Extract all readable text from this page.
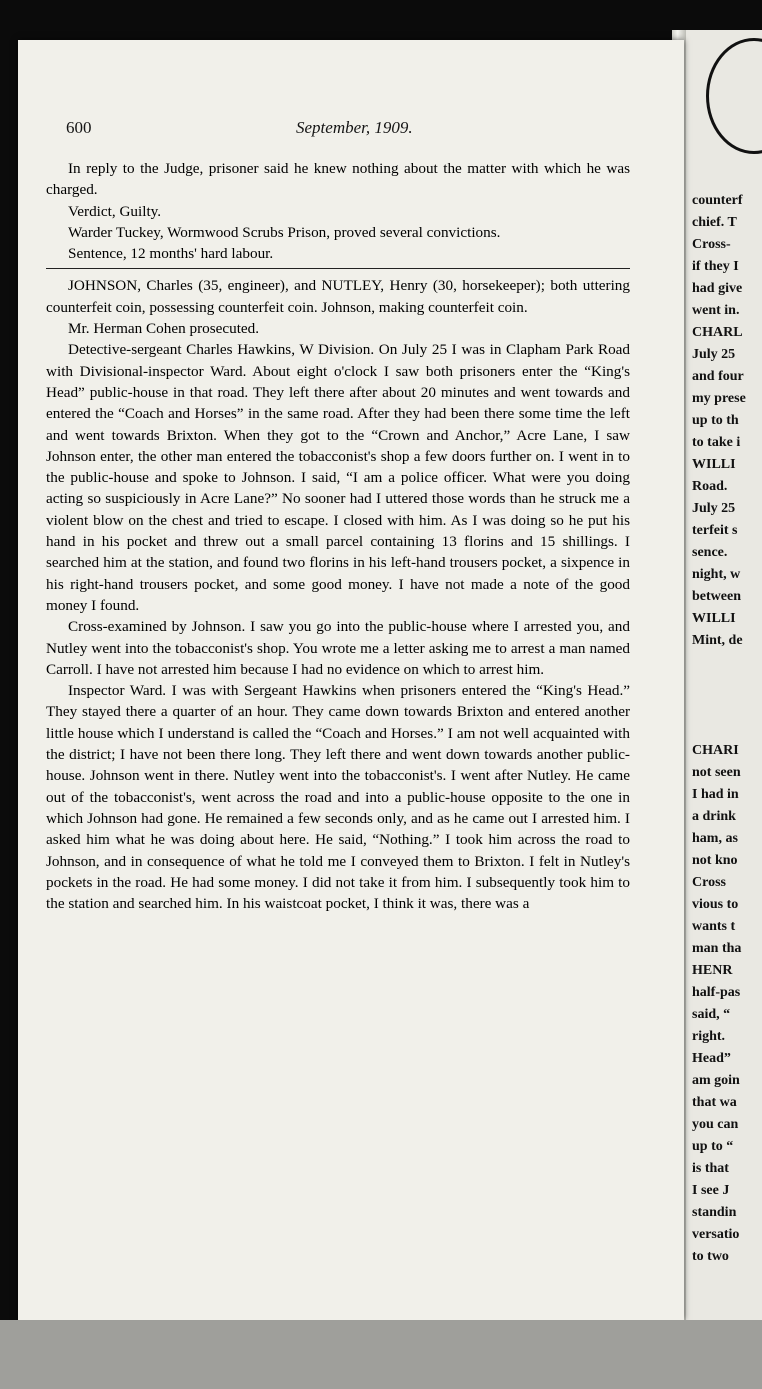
counterf
chief. T
Cross-
if they I
had give
went in.
CHARL
July 25
and four
my prese
up to th
to take i
WILLI
Road.
July 25
terfeit s
sence.
night, w
between
WILLI
Mint, de

CHARI
not seen
I had in
a drink
ham, as
not kno
Cross
vious to
wants t
man tha
HENR
half-pas
said, “
right.
Head”
am goin
that wa
you can
up to “
is that
I see J
standin
versatio
to two
600	September, 1909.

In reply to the Judge, prisoner said he knew nothing about the matter with which he was charged.

Verdict, Guilty.

Warder Tuckey, Wormwood Scrubs Prison, proved several convictions.

Sentence, 12 months' hard labour.

JOHNSON, Charles (35, engineer), and NUTLEY, Henry (30, horsekeeper); both uttering counterfeit coin, possessing counterfeit coin. Johnson, making counterfeit coin.

Mr. Herman Cohen prosecuted.

Detective-sergeant Charles Hawkins, W Division. On July 25 I was in Clapham Park Road with Divisional-inspector Ward. About eight o'clock I saw both prisoners enter the “King's Head” public-house in that road. They left there after about 20 minutes and went towards and entered the “Coach and Horses” in the same road. After they had been there some time the left and went towards Brixton. When they got to the “Crown and Anchor,” Acre Lane, I saw Johnson enter, the other man entered the tobacconist's shop a few doors further on. I went in to the public-house and spoke to Johnson. I said, “I am a police officer. What were you doing acting so suspiciously in Acre Lane?” No sooner had I uttered those words than he struck me a violent blow on the chest and tried to escape. I closed with him. As I was doing so he put his hand in his pocket and threw out a small parcel containing 13 florins and 15 shillings. I searched him at the station, and found two florins in his left-hand trousers pocket, a sixpence in his right-hand trousers pocket, and some good money. I have not made a note of the good money I found.

Cross-examined by Johnson. I saw you go into the public-house where I arrested you, and Nutley went into the tobacconist's shop. You wrote me a letter asking me to arrest a man named Carroll. I have not arrested him because I had no evidence on which to arrest him.

Inspector Ward. I was with Sergeant Hawkins when prisoners entered the “King's Head.” They stayed there a quarter of an hour. They came down towards Brixton and entered another little house which I understand is called the “Coach and Horses.” I am not well acquainted with the district; I have not been there long. They left there and went down towards another public-house. Johnson went in there. Nutley went into the tobacconist's. I went after Nutley. He came out of the tobacconist's, went across the road and into a public-house opposite to the one in which Johnson had gone. He remained a few seconds only, and as he came out I arrested him. I asked him what he was doing about here. He said, “Nothing.” I took him across the road to Johnson, and in consequence of what he told me I conveyed them to Brixton. I felt in Nutley's pockets in the road. He had some money. I did not take it from him. I subsequently took him to the station and searched him. In his waistcoat pocket, I think it was, there was a
